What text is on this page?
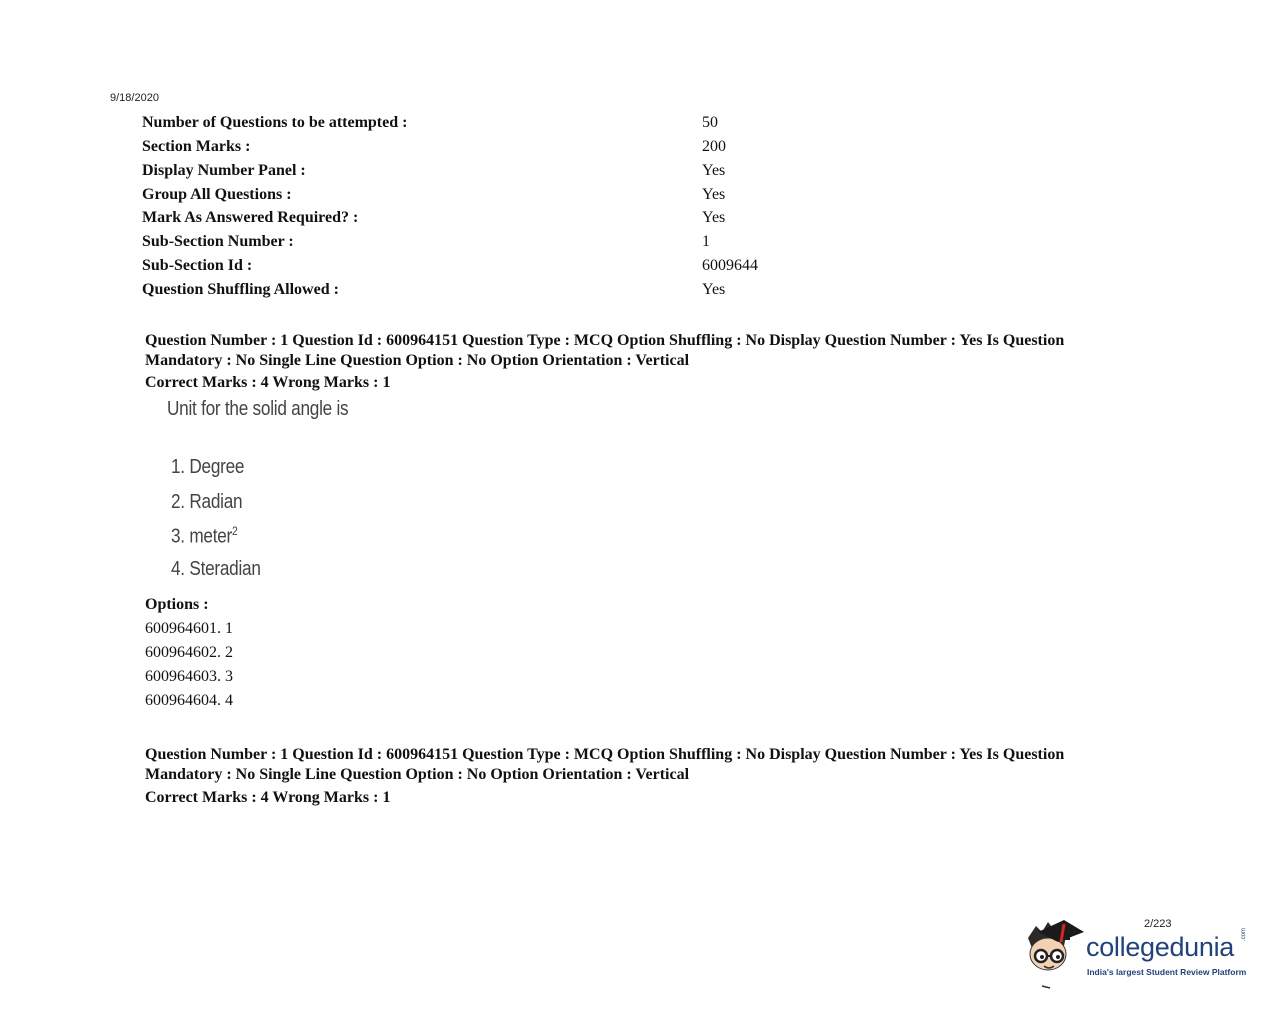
9/18/2020
Number of Questions to be attempted :	50
Section Marks :	200
Display Number Panel :	Yes
Group All Questions :	Yes
Mark As Answered Required? :	Yes
Sub-Section Number :	1
Sub-Section Id :	6009644
Question Shuffling Allowed :	Yes
Question Number : 1 Question Id : 600964151 Question Type : MCQ Option Shuffling : No Display Question Number : Yes Is Question Mandatory : No Single Line Question Option : No Option Orientation : Vertical
Correct Marks : 4 Wrong Marks : 1
Unit for the solid angle is
1. Degree
2. Radian
3. meter$^2$
4. Steradian
Options :
600964601. 1
600964602. 2
600964603. 3
600964604. 4
Question Number : 1 Question Id : 600964151 Question Type : MCQ Option Shuffling : No Display Question Number : Yes Is Question Mandatory : No Single Line Question Option : No Option Orientation : Vertical
Correct Marks : 4 Wrong Marks : 1
2/223
collegedunia .com
India's largest Student Review Platform
